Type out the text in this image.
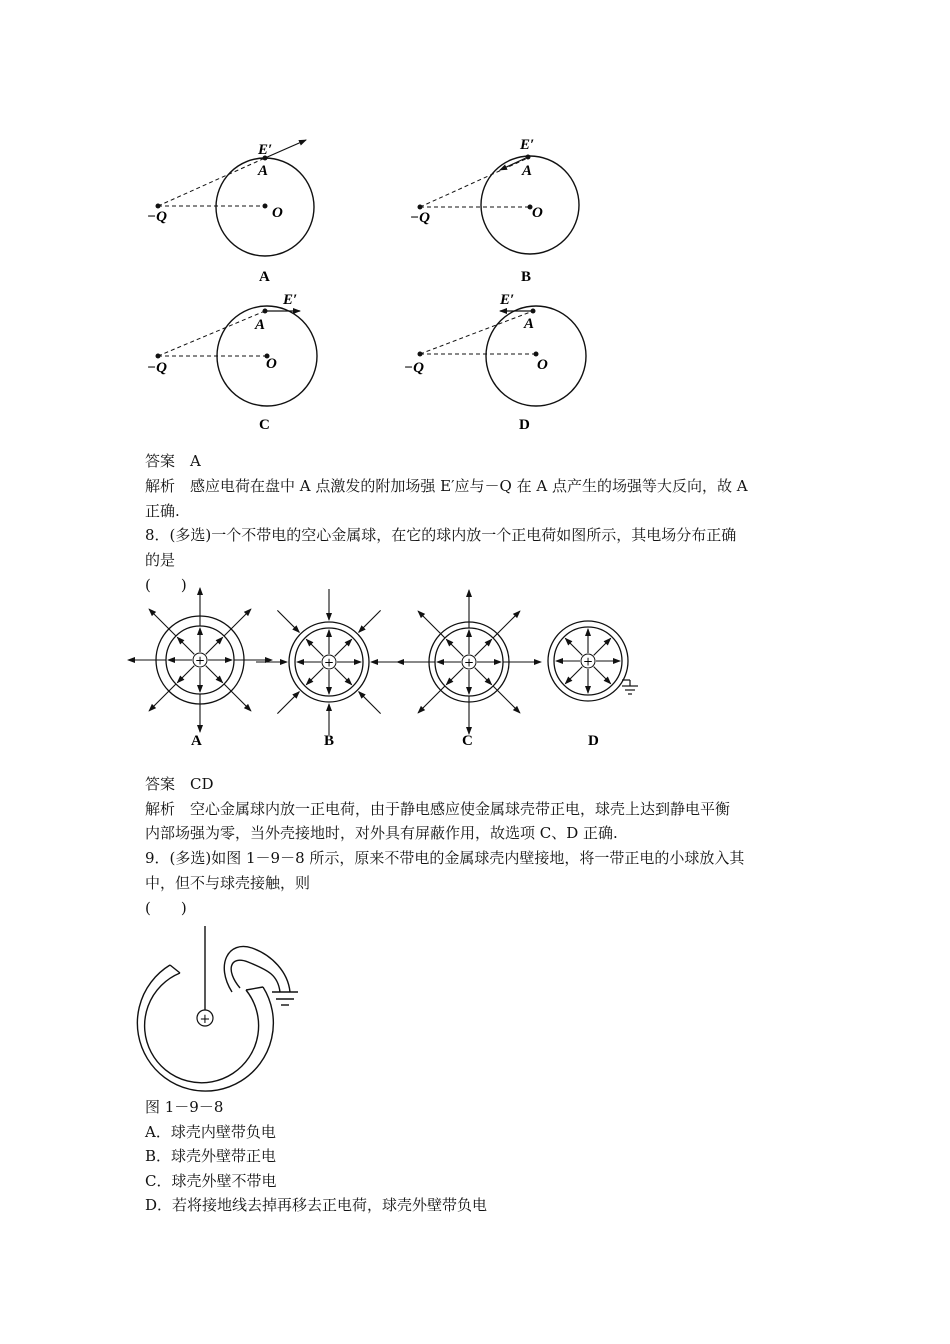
E′
A
O
−Q
A
E′
A
O
−Q
B
E′
A
O
−Q
C
E′
A
O
−Q
D
+
A
+
B
+
C
+
D
+
答案　 A
解析　 感应电荷在盘中 A 点激发的附加场强 E′应与－Q 在 A 点产生的场强等大反向，故 A
正确.
8．(多选)一个不带电的空心金属球，在它的球内放一个正电荷如图所示，其电场分布正确
的是
(　　)
答案　 CD
解析　 空心金属球内放一正电荷，由于静电感应使金属球壳带正电，球壳上达到静电平衡
内部场强为零，当外壳接地时，对外具有屏蔽作用，故选项 C、D 正确.
9．(多选)如图 1－9－8 所示，原来不带电的金属球壳内壁接地，将一带正电的小球放入其
中，但不与球壳接触，则
(　　)
图 1－9－8
A．球壳内壁带负电
B．球壳外壁带正电
C．球壳外壁不带电
D．若将接地线去掉再移去正电荷，球壳外壁带负电
